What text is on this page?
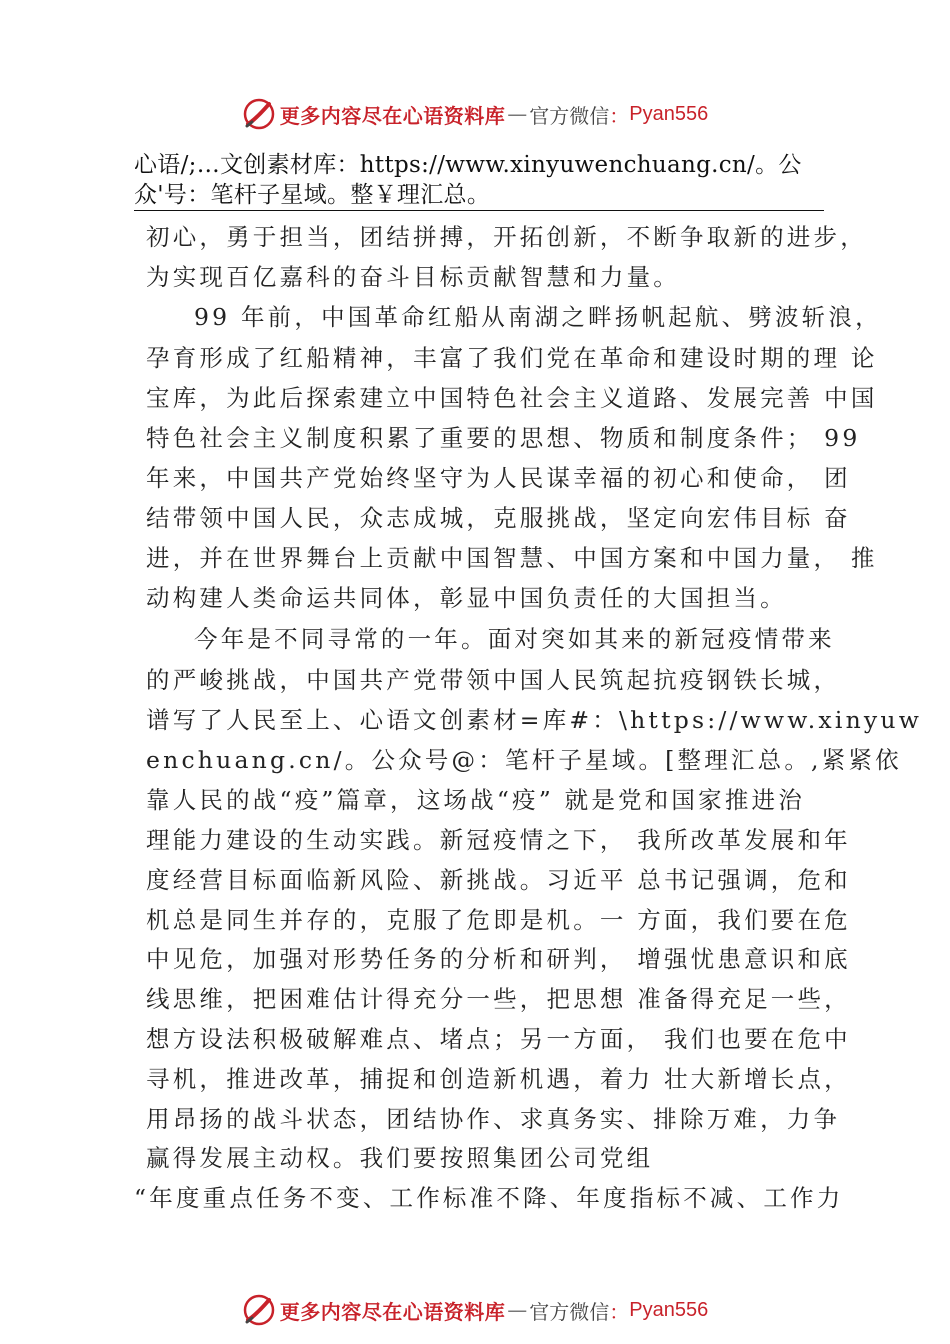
更多内容尽在心语资料库 — 官方微信 ： Pyan556
心语/;…文创素材库：https://www.xinyuwenchuang.cn/。公
众'号：笔杆子星域。整￥理汇总。
初心，勇于担当，团结拼搏，开拓创新，不断争取新的进步，
为实现百亿嘉科的奋斗目标贡献智慧和力量。
99 年前，中国革命红船从南湖之畔扬帆起航、劈波斩浪，
孕育形成了红船精神，丰富了我们党在革命和建设时期的理 论
宝库，为此后探索建立中国特色社会主义道路、发展完善 中国
特色社会主义制度积累了重要的思想、物质和制度条件； 99
年来，中国共产党始终坚守为人民谋幸福的初心和使命， 团
结带领中国人民，众志成城，克服挑战，坚定向宏伟目标 奋
进，并在世界舞台上贡献中国智慧、中国方案和中国力量， 推
动构建人类命运共同体，彰显中国负责任的大国担当。
今年是不同寻常的一年。面对突如其来的新冠疫情带来
的严峻挑战，中国共产党带领中国人民筑起抗疫钢铁长城，
谱写了人民至上、心语文创素材=库#：\https://www.xinyuw
enchuang.cn/。公众号@：笔杆子星域。[整理汇总。,紧紧依
靠人民的战“疫”篇章，这场战“疫” 就是党和国家推进治
理能力建设的生动实践。新冠疫情之下， 我所改革发展和年
度经营目标面临新风险、新挑战。习近平 总书记强调，危和
机总是同生并存的，克服了危即是机。一 方面，我们要在危
中见危，加强对形势任务的分析和研判， 增强忧患意识和底
线思维，把困难估计得充分一些，把思想 准备得充足一些，
想方设法积极破解难点、堵点；另一方面， 我们也要在危中
寻机，推进改革，捕捉和创造新机遇，着力 壮大新增长点，
用昂扬的战斗状态，团结协作、求真务实、排除万难，力争
赢得发展主动权。我们要按照集团公司党组
“年度重点任务不变、工作标准不降、年度指标不减、工作力
更多内容尽在心语资料库 — 官方微信 ： Pyan556
